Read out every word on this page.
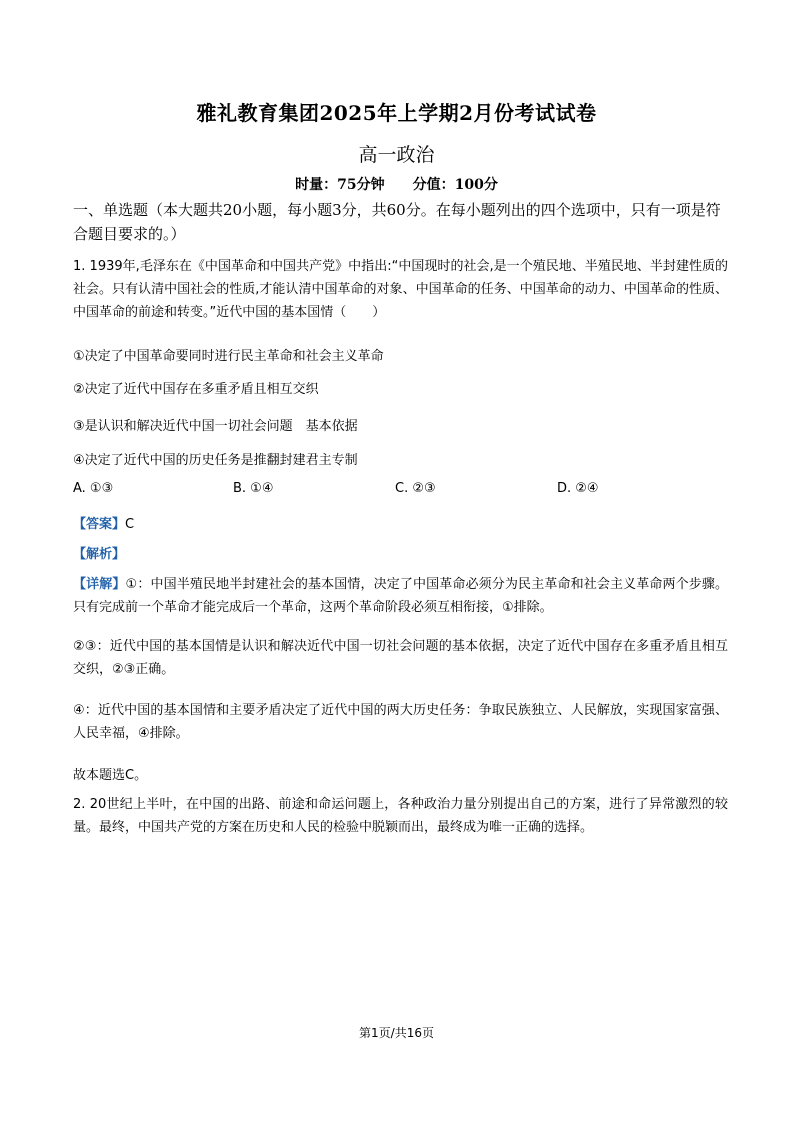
雅礼教育集团2025年上学期2月份考试试卷
高一政治
时量：75分钟 分值：100分
一、单选题（本大题共20小题，每小题3分，共60分。在每小题列出的四个选项中，只有一项是符合题目要求的。）
1. 1939年,毛泽东在《中国革命和中国共产党》中指出:“中国现时的社会,是一个殖民地、半殖民地、半封建性质的社会。只有认清中国社会的性质,才能认清中国革命的对象、中国革命的任务、中国革命的动力、中国革命的性质、中国革命的前途和转变。”近代中国的基本国情（　　）
①决定了中国革命要同时进行民主革命和社会主义革命
②决定了近代中国存在多重矛盾且相互交织
③是认识和解决近代中国一切社会问题　基本依据
④决定了近代中国的历史任务是推翻封建君主专制
A. ①③	B. ①④	C. ②③	D. ②④
【答案】C
【解析】
【详解】①：中国半殖民地半封建社会的基本国情，决定了中国革命必须分为民主革命和社会主义革命两个步骤。只有完成前一个革命才能完成后一个革命，这两个革命阶段必须互相衔接，①排除。
②③：近代中国的基本国情是认识和解决近代中国一切社会问题的基本依据，决定了近代中国存在多重矛盾且相互交织，②③正确。
④：近代中国的基本国情和主要矛盾决定了近代中国的两大历史任务：争取民族独立、人民解放，实现国家富强、人民幸福，④排除。
故本题选C。
2. 20世纪上半叶，在中国的出路、前途和命运问题上，各种政治力量分别提出自己的方案，进行了异常激烈的较量。最终，中国共产党的方案在历史和人民的检验中脱颖而出，最终成为唯一正确的选择。
第1页/共16页
